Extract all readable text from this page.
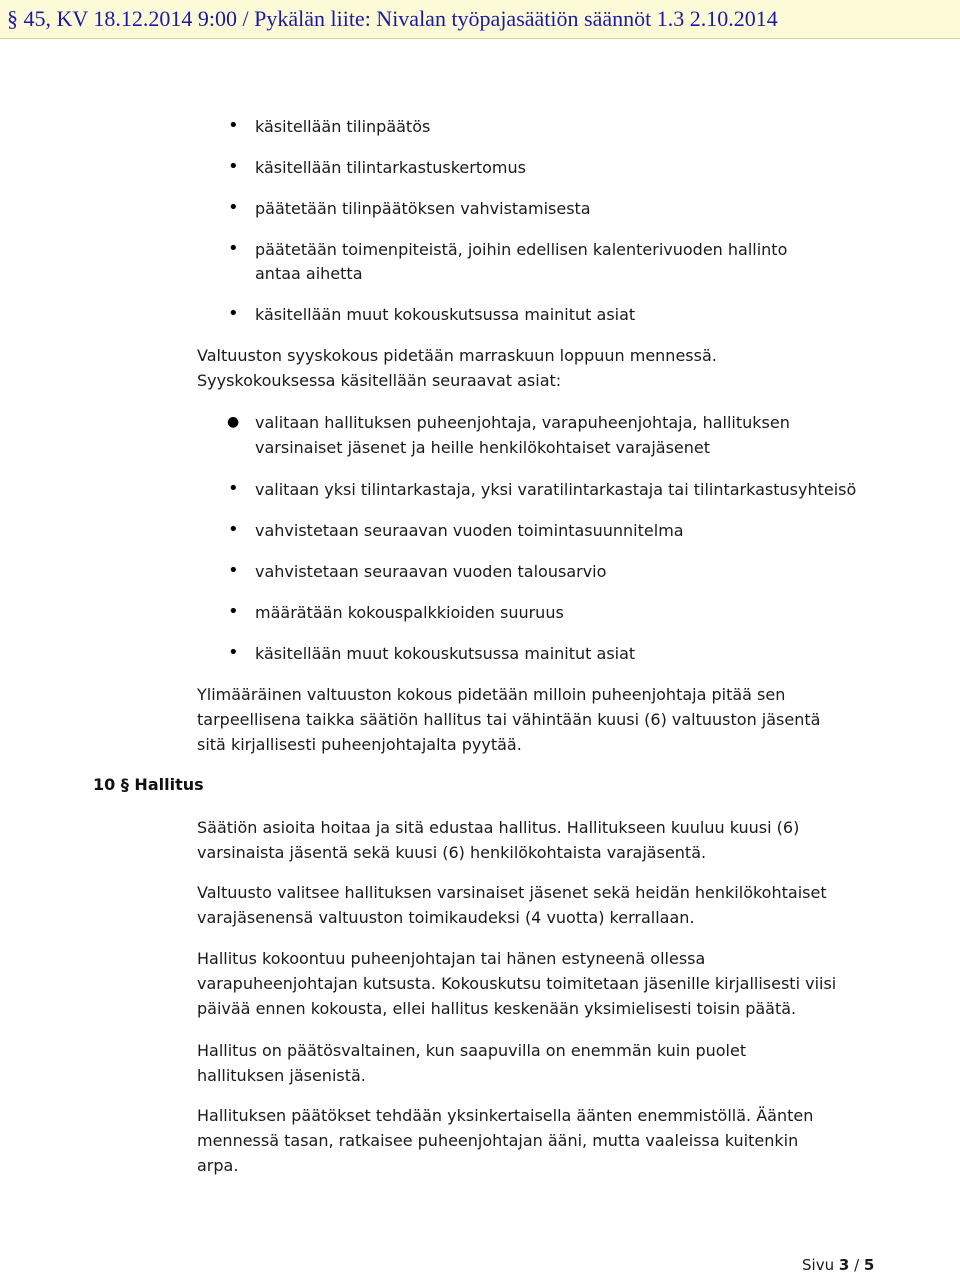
§ 45, KV 18.12.2014 9:00 / Pykälän liite: Nivalan työpajasäätiön säännöt 1.3 2.10.2014
• käsitellään tilinpäätös
• käsitellään tilintarkastuskertomus
• päätetään tilinpäätöksen vahvistamisesta
• päätetään toimenpiteistä, joihin edellisen kalenterivuoden hallinto
antaa aihetta
• käsitellään muut kokouskutsussa mainitut asiat
Valtuuston syyskokous pidetään marraskuun loppuun mennessä.
Syyskokouksessa käsitellään seuraavat asiat:
● valitaan hallituksen puheenjohtaja, varapuheenjohtaja, hallituksen
varsinaiset jäsenet ja heille henkilökohtaiset varajäsenet
• valitaan yksi tilintarkastaja, yksi varatilintarkastaja tai tilintarkastusyhteisö
• vahvistetaan seuraavan vuoden toimintasuunnitelma
• vahvistetaan seuraavan vuoden talousarvio
• määrätään kokouspalkkioiden suuruus
• käsitellään muut kokouskutsussa mainitut asiat
Ylimääräinen valtuuston kokous pidetään milloin puheenjohtaja pitää sen
tarpeellisena taikka säätiön hallitus tai vähintään kuusi (6) valtuuston jäsentä
sitä kirjallisesti puheenjohtajalta pyytää.
10 § Hallitus
Säätiön asioita hoitaa ja sitä edustaa hallitus. Hallitukseen kuuluu kuusi (6)
varsinaista jäsentä sekä kuusi (6) henkilökohtaista varajäsentä.
Valtuusto valitsee hallituksen varsinaiset jäsenet sekä heidän henkilökohtaiset
varajäsenensä valtuuston toimikaudeksi (4 vuotta) kerrallaan.
Hallitus kokoontuu puheenjohtajan tai hänen estyneenä ollessa
varapuheenjohtajan kutsusta. Kokouskutsu toimitetaan jäsenille kirjallisesti viisi
päivää ennen kokousta, ellei hallitus keskenään yksimielisesti toisin päätä.
Hallitus on päätösvaltainen, kun saapuvilla on enemmän kuin puolet
hallituksen jäsenistä.
Hallituksen päätökset tehdään yksinkertaisella äänten enemmistöllä. Äänten
mennessä tasan, ratkaisee puheenjohtajan ääni, mutta vaaleissa kuitenkin
arpa.
Sivu 3 / 5
